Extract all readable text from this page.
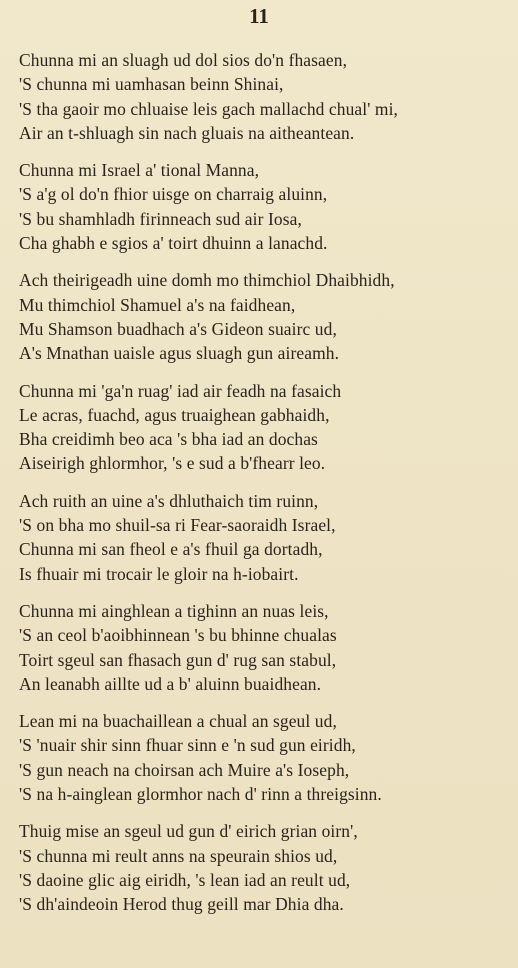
11
Chunna mi an sluagh ud dol sios do'n fhasaen,
'S chunna mi uamhasan beinn Shinai,
'S tha gaoir mo chluaise leis gach mallachd chual' mi,
Air an t-shluagh sin nach gluais na aitheantean.
Chunna mi Israel a' tional Manna,
'S a'g ol do'n fhior uisge on charraig aluinn,
'S bu shamhladh firinneach sud air Iosa,
Cha ghabh e sgios a' toirt dhuinn a lanachd.
Ach theirigeadh uine domh mo thimchiol Dhaibhidh,
Mu thimchiol Shamuel a's na faidhean,
Mu Shamson buadhach a's Gideon suairc ud,
A's Mnathan uaisle agus sluagh gun aireamh.
Chunna mi 'ga'n ruag' iad air feadh na fasaich
Le acras, fuachd, agus truaighean gabhaidh,
Bha creidimh beo aca 's bha iad an dochas
Aiseirigh ghlormhor, 's e sud a b'fhearr leo.
Ach ruith an uine a's dhluthaich tim ruinn,
'S on bha mo shuil-sa ri Fear-saoraidh Israel,
Chunna mi san fheol e a's fhuil ga dortadh,
Is fhuair mi trocair le gloir na h-iobairt.
Chunna mi ainghlean a tighinn an nuas leis,
'S an ceol b'aoibhinnean 's bu bhinne chualas
Toirt sgeul san fhasach gun d' rug san stabul,
An leanabh aillte ud a b' aluinn buaidhean.
Lean mi na buachaillean a chual an sgeul ud,
'S 'nuair shir sinn fhuar sinn e 'n sud gun eiridh,
'S gun neach na choirsan ach Muire a's Ioseph,
'S na h-ainglean glormhor nach d' rinn a threigsinn.
Thuig mise an sgeul ud gun d' eirich grian oirn',
'S chunna mi reult anns na speurain shios ud,
'S daoine glic aig eiridh, 's lean iad an reult ud,
'S dh'aindeoin Herod thug geill mar Dhia dha.
